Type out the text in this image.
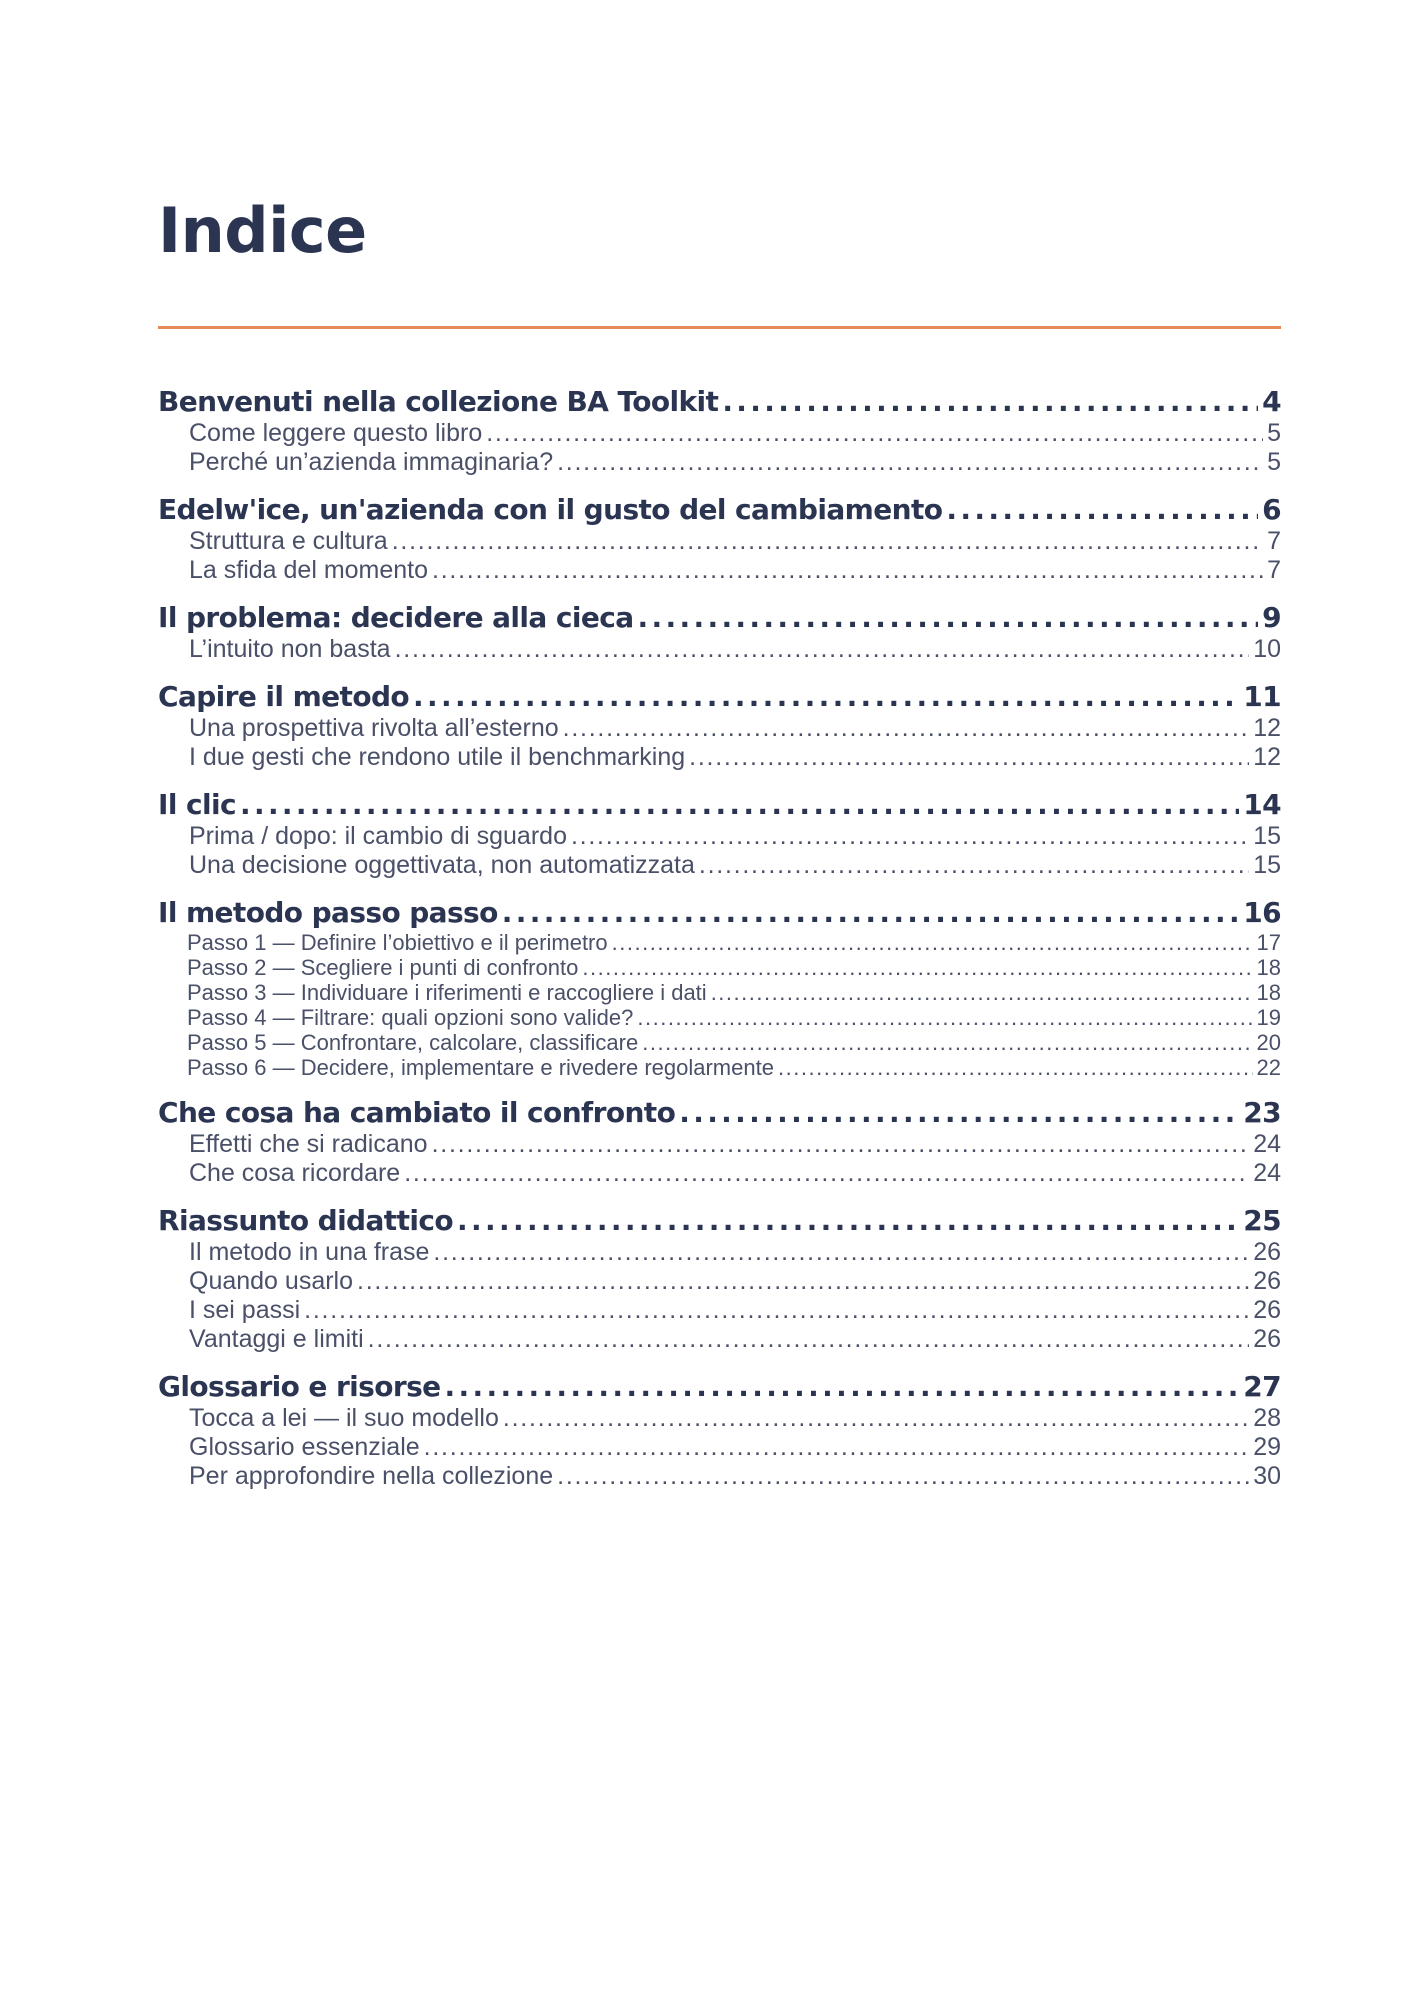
Indice
Benvenuti nella collezione BA Toolkit . . .	4
Come leggere questo libro . . .	5
Perché un’azienda immaginaria? . . .	5
Edelw'ice, un'azienda con il gusto del cambiamento . . .	6
Struttura e cultura . . .	7
La sfida del momento . . .	7
Il problema: decidere alla cieca . . .	9
L’intuito non basta . . .	10
Capire il metodo . . .	11
Una prospettiva rivolta all’esterno . . .	12
I due gesti che rendono utile il benchmarking . . .	12
Il clic . . .	14
Prima / dopo: il cambio di sguardo . . .	15
Una decisione oggettivata, non automatizzata . . .	15
Il metodo passo passo . . .	16
Passo 1 — Definire l’obiettivo e il perimetro . . .	17
Passo 2 — Scegliere i punti di confronto . . .	18
Passo 3 — Individuare i riferimenti e raccogliere i dati . . .	18
Passo 4 — Filtrare: quali opzioni sono valide? . . .	19
Passo 5 — Confrontare, calcolare, classificare . . .	20
Passo 6 — Decidere, implementare e rivedere regolarmente . . .	22
Che cosa ha cambiato il confronto . . .	23
Effetti che si radicano . . .	24
Che cosa ricordare . . .	24
Riassunto didattico . . .	25
Il metodo in una frase . . .	26
Quando usarlo . . .	26
I sei passi . . .	26
Vantaggi e limiti . . .	26
Glossario e risorse . . .	27
Tocca a lei — il suo modello . . .	28
Glossario essenziale . . .	29
Per approfondire nella collezione . . .	30
